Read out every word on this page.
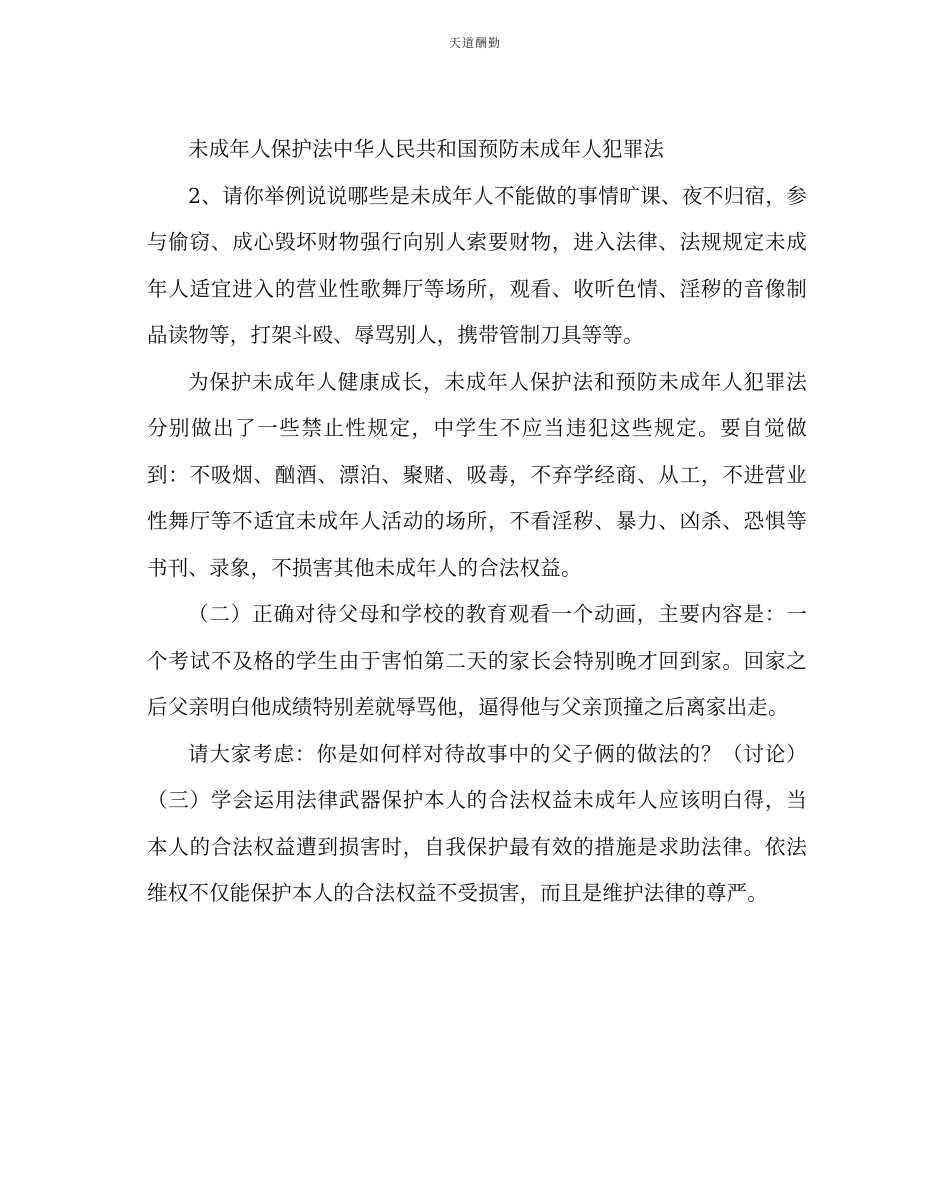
天道酬勤

未成年人保护法中华人民共和国预防未成年人犯罪法

2、请你举例说说哪些是未成年人不能做的事情旷课、夜不归宿，参与偷窃、成心毁坏财物强行向别人索要财物，进入法律、法规规定未成年人适宜进入的营业性歌舞厅等场所，观看、收听色情、淫秽的音像制品读物等，打架斗殴、辱骂别人，携带管制刀具等等。

为保护未成年人健康成长，未成年人保护法和预防未成年人犯罪法分别做出了一些禁止性规定，中学生不应当违犯这些规定。要自觉做到：不吸烟、酗酒、漂泊、聚赌、吸毒，不弃学经商、从工，不进营业性舞厅等不适宜未成年人活动的场所，不看淫秽、暴力、凶杀、恐惧等书刊、录象，不损害其他未成年人的合法权益。

（二）正确对待父母和学校的教育观看一个动画，主要内容是：一个考试不及格的学生由于害怕第二天的家长会特别晚才回到家。回家之后父亲明白他成绩特别差就辱骂他，逼得他与父亲顶撞之后离家出走。

请大家考虑：你是如何样对待故事中的父子俩的做法的？（讨论）（三）学会运用法律武器保护本人的合法权益未成年人应该明白得，当本人的合法权益遭到损害时，自我保护最有效的措施是求助法律。依法维权不仅能保护本人的合法权益不受损害，而且是维护法律的尊严。
